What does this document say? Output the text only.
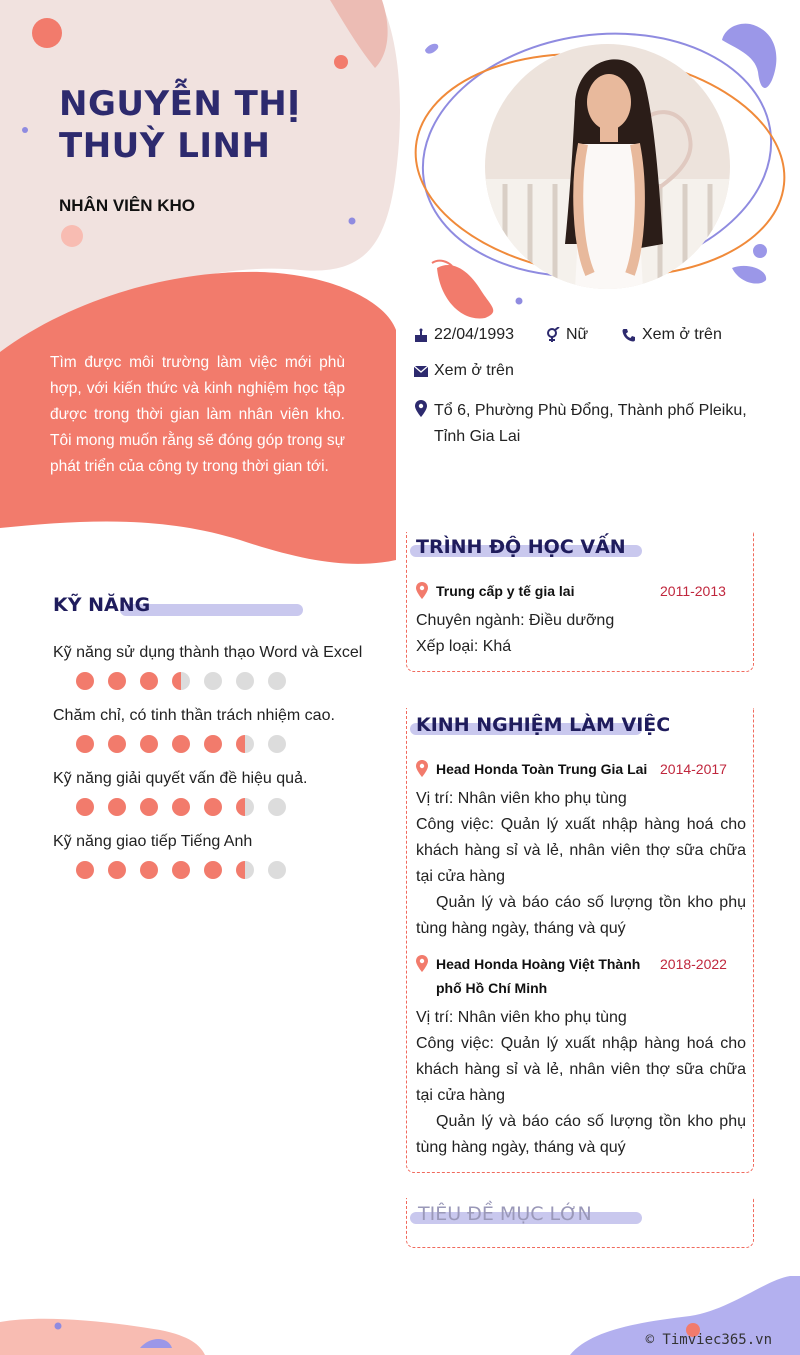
NGUYỄN THỊ
THUỲ LINH
NHÂN VIÊN KHO
Tìm được môi trường làm việc mới phù hợp, với kiến thức và kinh nghiệm học tập được trong thời gian làm nhân viên kho. Tôi mong muốn rằng sẽ đóng góp trong sự phát triển của công ty trong thời gian tới.
22/04/1993	Nữ	Xem ở trên
Xem ở trên
Tổ 6, Phường Phù Đổng, Thành phố Pleiku,
Tỉnh Gia Lai
KỸ NĂNG
Kỹ năng sử dụng thành thạo Word và Excel
Chăm chỉ, có tinh thần trách nhiệm cao.
Kỹ năng giải quyết vấn đề hiệu quả.
Kỹ năng giao tiếp Tiếng Anh
TRÌNH ĐỘ HỌC VẤN
Trung cấp y tế gia lai	2011-2013
Chuyên ngành: Điều dưỡng
Xếp loại: Khá
KINH NGHIỆM LÀM VIỆC
Head Honda Toàn Trung Gia Lai 2014-2017
Vị trí: Nhân viên kho phụ tùng
Công việc: Quản lý xuất nhập hàng hoá cho khách hàng sỉ và lẻ, nhân viên thợ sữa chữa tại cửa hàng
Quản lý và báo cáo số lượng tồn kho phụ tùng hàng ngày, tháng và quý
Head Honda Hoàng Việt Thành
phố Hồ Chí Minh
2018-2022
Vị trí: Nhân viên kho phụ tùng
Công việc: Quản lý xuất nhập hàng hoá cho khách hàng sỉ và lẻ, nhân viên thợ sữa chữa tại cửa hàng
Quản lý và báo cáo số lượng tồn kho phụ tùng hàng ngày, tháng và quý
TIÊU ĐỀ MỤC LỚN
© Timviec365.vn
